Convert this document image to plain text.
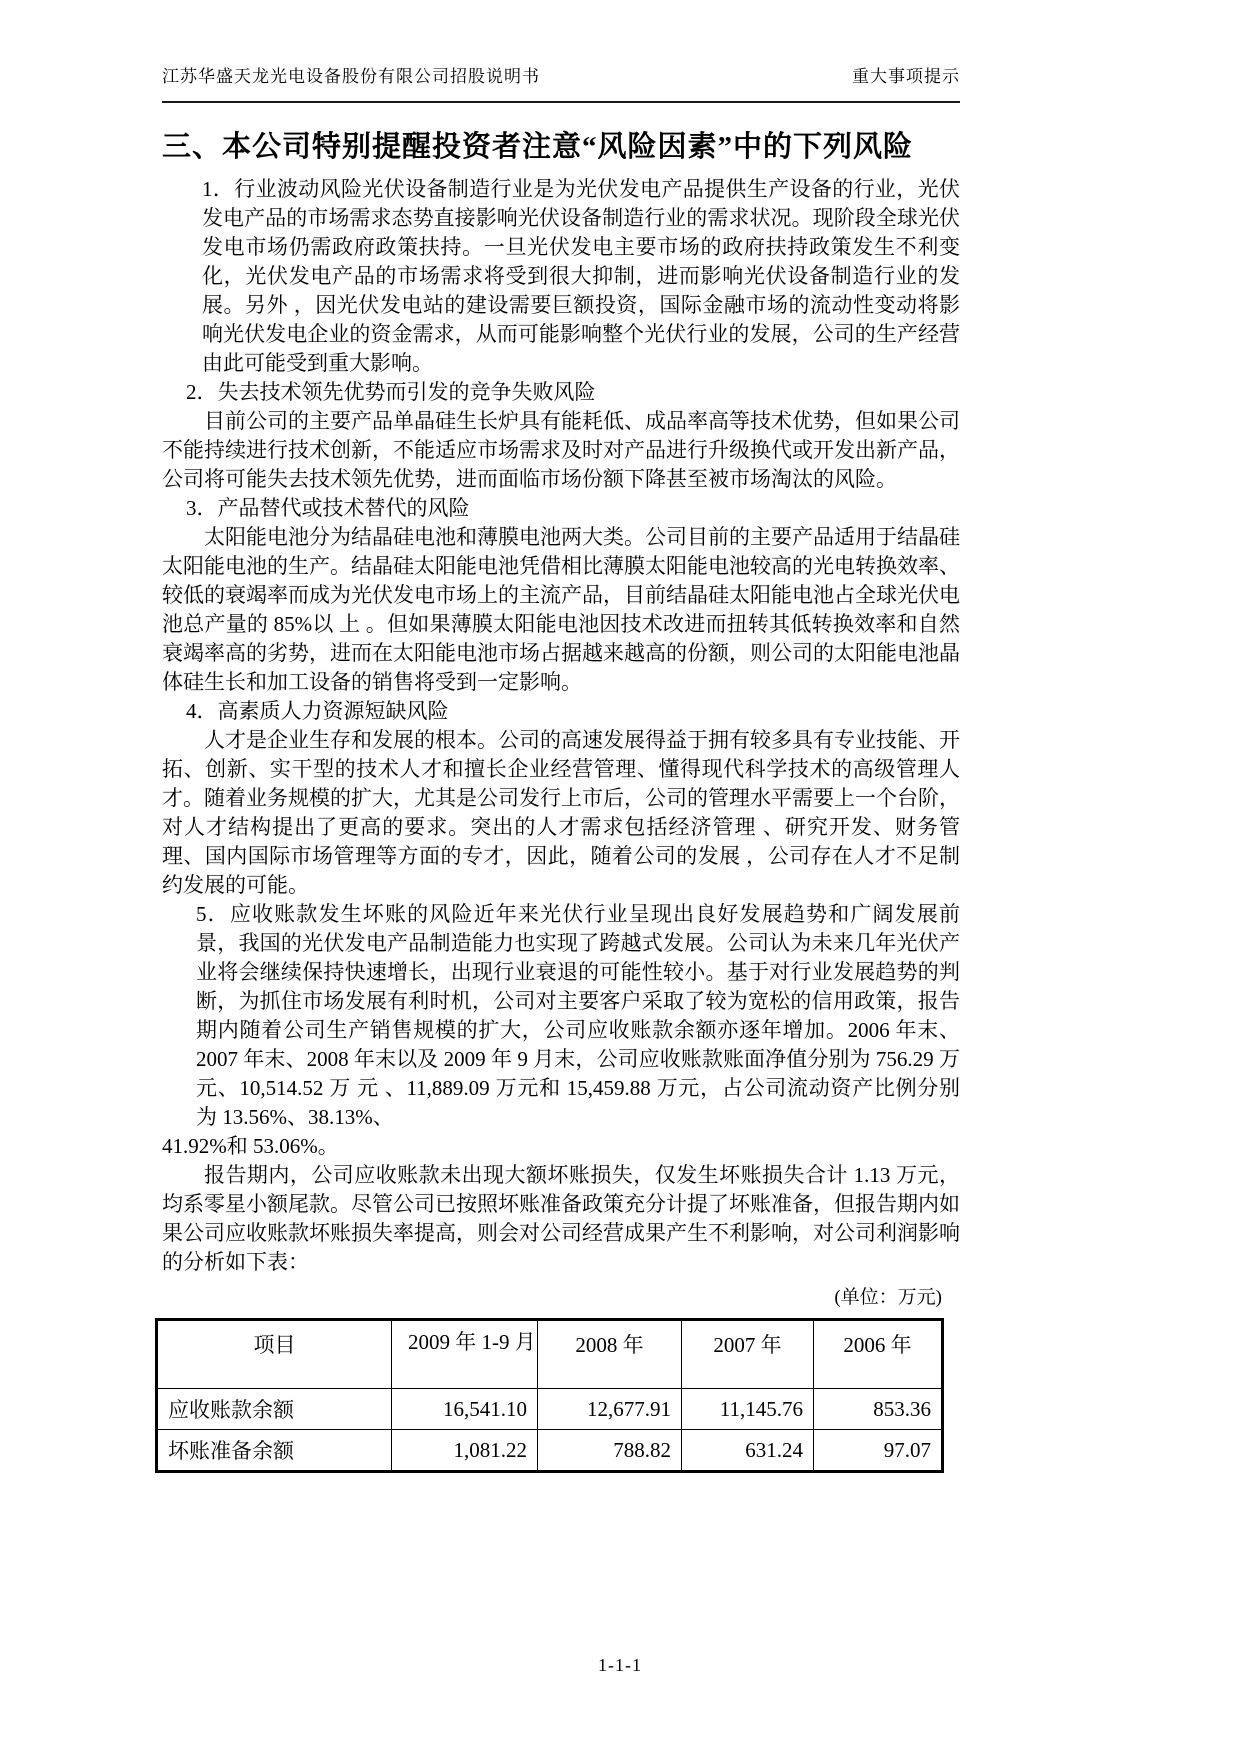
江苏华盛天龙光电设备股份有限公司招股说明书	重大事项提示
三、本公司特别提醒投资者注意“风险因素”中的下列风险

1．行业波动风险光伏设备制造行业是为光伏发电产品提供生产设备的行业，光伏发电产品的市场需求态势直接影响光伏设备制造行业的需求状况。现阶段全球光伏发电市场仍需政府政策扶持。一旦光伏发电主要市场的政府扶持政策发生不利变化，光伏发电产品的市场需求将受到很大抑制，进而影响光伏设备制造行业的发展。另外 ，因光伏发电站的建设需要巨额投资，国际金融市场的流动性变动将影响光伏发电企业的资金需求，从而可能影响整个光伏行业的发展，公司的生产经营由此可能受到重大影响。

2．失去技术领先优势而引发的竞争失败风险

目前公司的主要产品单晶硅生长炉具有能耗低、成品率高等技术优势，但如果公司不能持续进行技术创新，不能适应市场需求及时对产品进行升级换代或开发出新产品，公司将可能失去技术领先优势，进而面临市场份额下降甚至被市场淘汰的风险。

3．产品替代或技术替代的风险

太阳能电池分为结晶硅电池和薄膜电池两大类。公司目前的主要产品适用于结晶硅太阳能电池的生产。结晶硅太阳能电池凭借相比薄膜太阳能电池较高的光电转换效率、较低的衰竭率而成为光伏发电市场上的主流产品，目前结晶硅太阳能电池占全球光伏电池总产量的 85%以 上 。但如果薄膜太阳能电池因技术改进而扭转其低转换效率和自然衰竭率高的劣势，进而在太阳能电池市场占据越来越高的份额，则公司的太阳能电池晶体硅生长和加工设备的销售将受到一定影响。

4．高素质人力资源短缺风险

人才是企业生存和发展的根本。公司的高速发展得益于拥有较多具有专业技能、开拓、创新、实干型的技术人才和擅长企业经营管理、懂得现代科学技术的高级管理人才。随着业务规模的扩大，尤其是公司发行上市后，公司的管理水平需要上一个台阶，对人才结构提出了更高的要求。突出的人才需求包括经济管理 、研究开发、财务管理、国内国际市场管理等方面的专才，因此，随着公司的发展 ，公司存在人才不足制约发展的可能。

5．应收账款发生坏账的风险近年来光伏行业呈现出良好发展趋势和广阔发展前景，我国的光伏发电产品制造能力也实现了跨越式发展。公司认为未来几年光伏产业将会继续保持快速增长，出现行业衰退的可能性较小。基于对行业发展趋势的判断，为抓住市场发展有利时机，公司对主要客户采取了较为宽松的信用政策，报告期内随着公司生产销售规模的扩大，公司应收账款余额亦逐年增加。2006 年末、2007 年末、2008 年末以及 2009 年 9 月末，公司应收账款账面净值分别为 756.29 万元、10,514.52 万 元 、11,889.09 万元和 15,459.88 万元，占公司流动资产比例分别为 13.56%、38.13%、

41.92%和 53.06%。

报告期内，公司应收账款未出现大额坏账损失，仅发生坏账损失合计 1.13 万元，均系零星小额尾款。尽管公司已按照坏账准备政策充分计提了坏账准备，但报告期内如果公司应收账款坏账损失率提高，则会对公司经营成果产生不利影响，对公司利润影响的分析如下表：

(单位：万元)

项目	2009 年 1-9 月	2008 年	2007 年	2006 年
应收账款余额	16,541.10	12,677.91	11,145.76	853.36
坏账准备余额	1,081.22	788.82	631.24	97.07
1-1-1
